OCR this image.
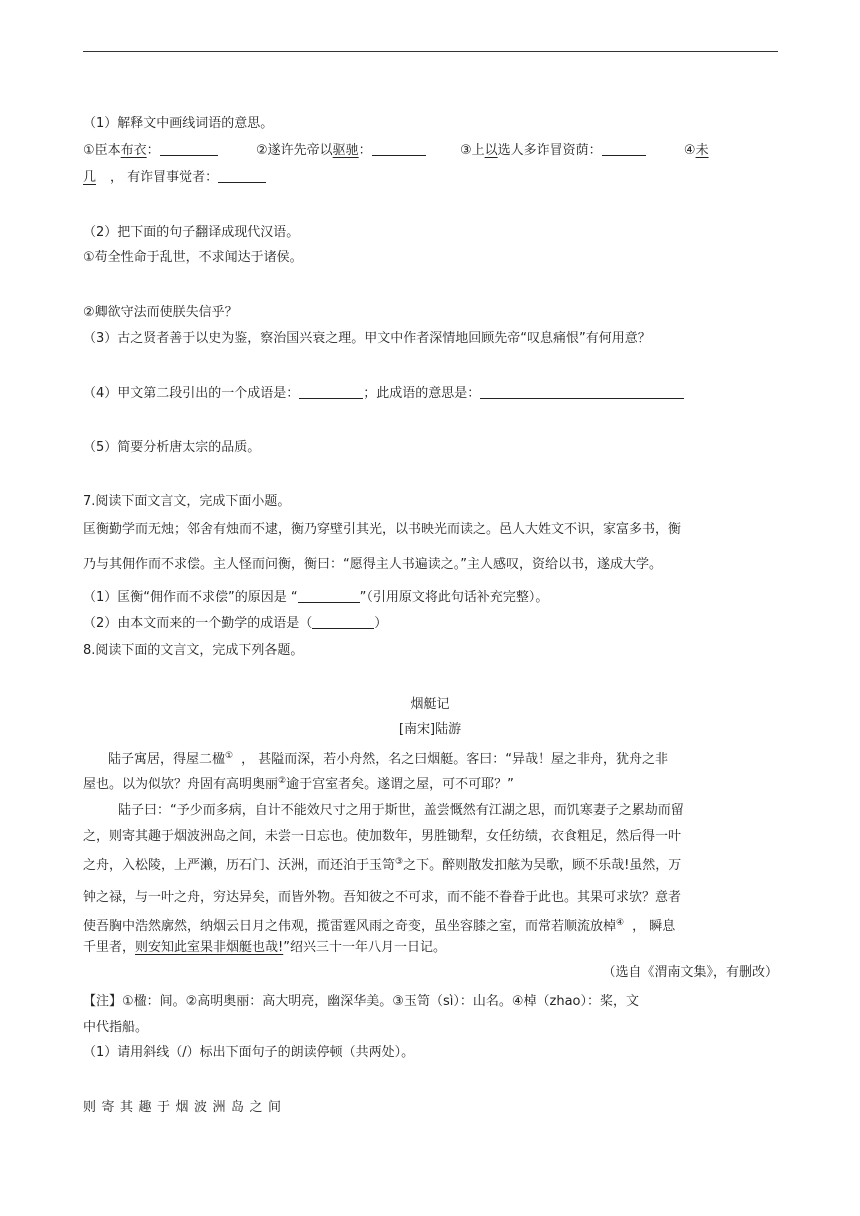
（1）解释文中画线词语的意思。
①臣本布衣：	②遂许先帝以驱驰：	③上以选人多诈冒资荫：	④未
几 ， 有诈冒事觉者：
（2）把下面的句子翻译成现代汉语。
①苟全性命于乱世，不求闻达于诸侯。
②卿欲守法而使朕失信乎？
（3）古之贤者善于以史为鉴，察治国兴衰之理。甲文中作者深情地回顾先帝“叹息痛恨”有何用意？
（4）甲文第二段引出的一个成语是：	；此成语的意思是：
（5）简要分析唐太宗的品质。
7.阅读下面文言文，完成下面小题。
匡衡勤学而无烛；邻舍有烛而不逮，衡乃穿壁引其光，以书映光而读之。邑人大姓文不识，家富多书，衡
乃与其佣作而不求偿。主人怪而问衡，衡曰：“愿得主人书遍读之。”主人感叹，资给以书，遂成大学。
（1）匡衡“佣作而不求偿”的原因是 “	”（引用原文将此句话补充完整）。
（2）由本文而来的一个勤学的成语是（	）
8.阅读下面的文言文，完成下列各题。
烟艇记
[南宋]陆游
陆子寓居，得屋二楹① ， 甚隘而深，若小舟然，名之曰烟艇。客曰：“异哉！屋之非舟，犹舟之非
屋也。以为似欤？舟固有高明奥丽②逾于宫室者矣。遂谓之屋，可不可耶？”
陆子曰：“予少而多病，自计不能效尺寸之用于斯世，盖尝慨然有江湖之思，而饥寒妻子之累劫而留
之，则寄其趣于烟波洲岛之间，未尝一日忘也。使加数年，男胜锄犁，女任纺绩，衣食粗足，然后得一叶
之舟，入松陵，上严濑，历石门、沃洲，而还泊于玉笥③之下。醉则散发扣舷为吴歌，顾不乐哉!虽然，万
钟之禄，与一叶之舟，穷达异矣，而皆外物。吾知彼之不可求，而不能不眷眷于此也。其果可求欤？意者
使吾胸中浩然廓然，纳烟云日月之伟观，揽雷霆风雨之奇变，虽坐容膝之室，而常若顺流放棹④ ， 瞬息
千里者，则安知此室果非烟艇也哉!”绍兴三十一年八月一日记。
（选自《渭南文集》，有删改）
【注】①楹：间。②高明奥丽：高大明亮，幽深华美。③玉笥（sì）：山名。④棹（zhao）：桨，文
中代指船。
（1）请用斜线（/）标出下面句子的朗读停顿（共两处）。
则寄其趣于烟波洲岛之间
